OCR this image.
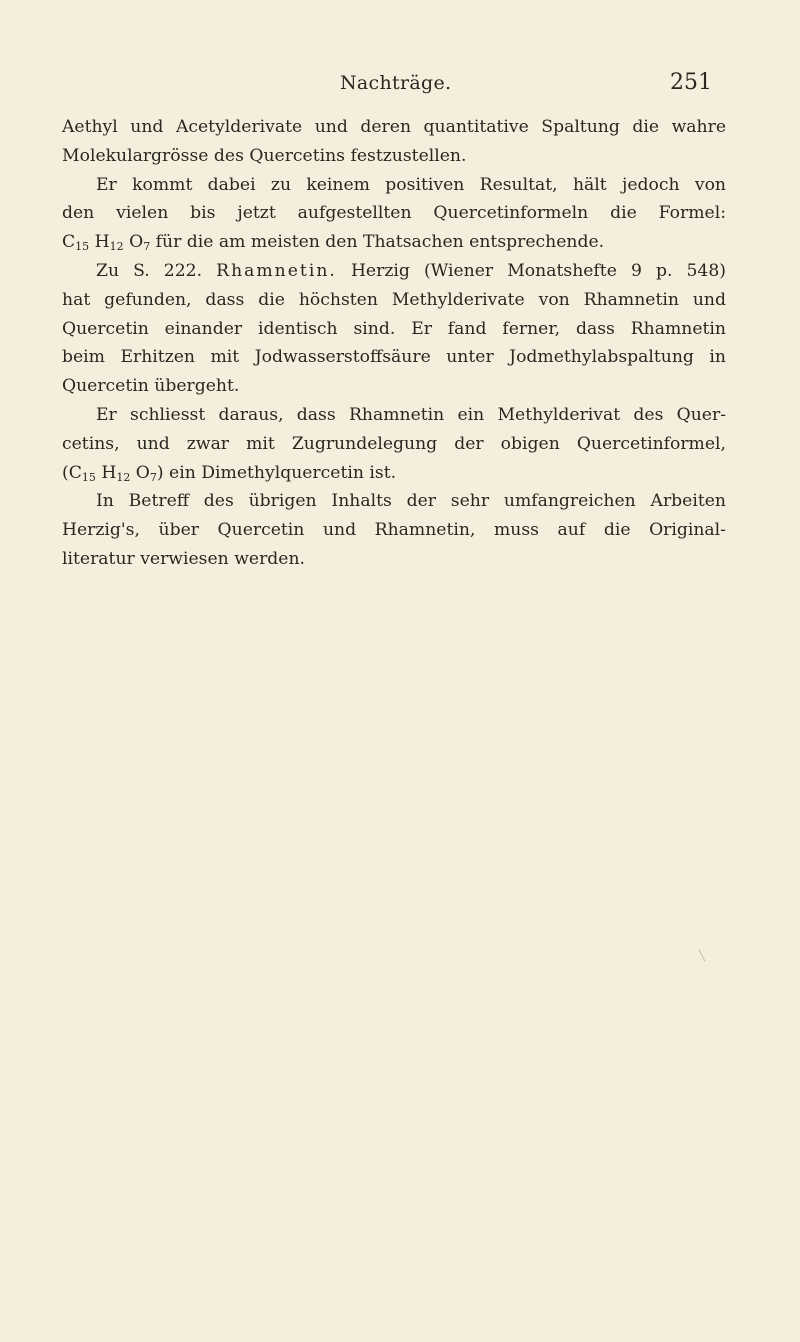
Nachträge.	251
Aethyl und Acetylderivate und deren quantitative Spaltung die wahre
Molekulargrösse des Quercetins festzustellen.
Er kommt dabei zu keinem positiven Resultat, hält jedoch von
den vielen bis jetzt aufgestellten Quercetinformeln die Formel:
$C_{15}$ $H_{12}$ $O_7$ für die am meisten den Thatsachen entsprechende.
Zu S. 222. Rhamnetin. Herzig (Wiener Monatshefte 9 p. 548)
hat gefunden, dass die höchsten Methylderivate von Rhamnetin und
Quercetin einander identisch sind. Er fand ferner, dass Rhamnetin
beim Erhitzen mit Jodwasserstoffsäure unter Jodmethylabspaltung in
Quercetin übergeht.
Er schliesst daraus, dass Rhamnetin ein Methylderivat des Quer-
cetins, und zwar mit Zugrundelegung der obigen Quercetinformel,
($C_{15}$ $H_{12}$ $O_7$) ein Dimethylquercetin ist.
In Betreff des übrigen Inhalts der sehr umfangreichen Arbeiten
Herzig's, über Quercetin und Rhamnetin, muss auf die Original-
literatur verwiesen werden.
╲
